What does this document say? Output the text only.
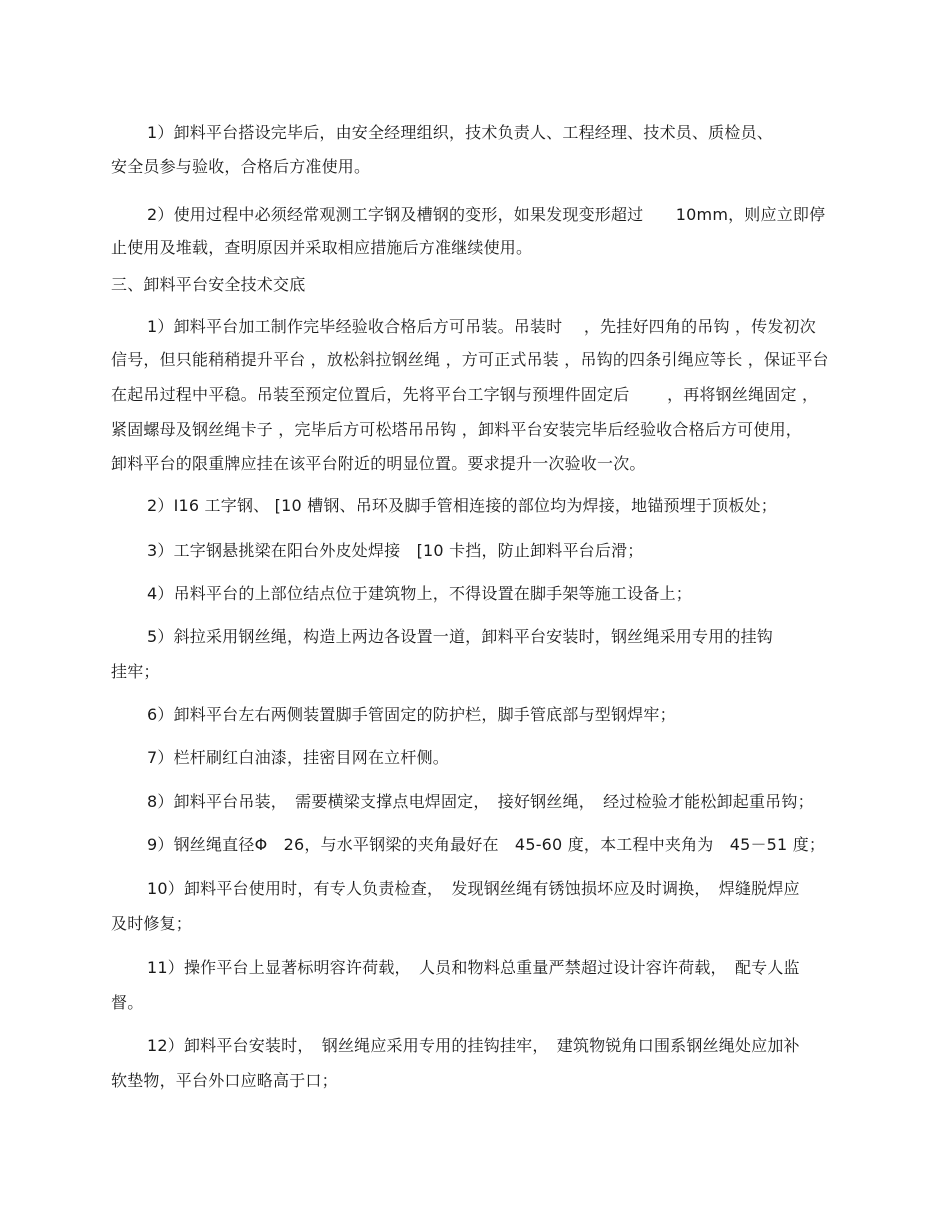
1）卸料平台搭设完毕后，由安全经理组织，技术负责人、工程经理、技术员、质检员、
安全员参与验收，合格后方准使用。
2）使用过程中必须经常观测工字钢及槽钢的变形，如果发现变形超过　　10mm，则应立即停
止使用及堆载，查明原因并采取相应措施后方准继续使用。
三、卸料平台安全技术交底
1）卸料平台加工制作完毕经验收合格后方可吊装。吊装时　 ，先挂好四角的吊钩 ，传发初次
信号，但只能稍稍提升平台 ，放松斜拉钢丝绳 ，方可正式吊装 ，吊钩的四条引绳应等长 ，保证平台
在起吊过程中平稳。吊装至预定位置后，先将平台工字钢与预埋件固定后　　 ，再将钢丝绳固定 ，
紧固螺母及钢丝绳卡子 ，完毕后方可松塔吊吊钩 ，卸料平台安装完毕后经验收合格后方可使用，
卸料平台的限重牌应挂在该平台附近的明显位置。要求提升一次验收一次。
2）I16 工字钢、 [10 槽钢、吊环及脚手管相连接的部位均为焊接，地锚预埋于顶板处；
3）工字钢悬挑梁在阳台外皮处焊接　[10 卡挡，防止卸料平台后滑；
4）吊料平台的上部位结点位于建筑物上，不得设置在脚手架等施工设备上；
5）斜拉采用钢丝绳，构造上两边各设置一道，卸料平台安装时，钢丝绳采用专用的挂钩
挂牢；
6）卸料平台左右两侧装置脚手管固定的防护栏，脚手管底部与型钢焊牢；
7）栏杆刷红白油漆，挂密目网在立杆侧。
8）卸料平台吊装，　需要横梁支撑点电焊固定，　接好钢丝绳，　经过检验才能松卸起重吊钩；
9）钢丝绳直径Φ　26，与水平钢梁的夹角最好在　45-60 度，本工程中夹角为　45－51 度；
10）卸料平台使用时，有专人负责检查，　发现钢丝绳有锈蚀损坏应及时调换，　焊缝脱焊应
及时修复；
11）操作平台上显著标明容许荷载，　人员和物料总重量严禁超过设计容许荷载，　配专人监
督。
12）卸料平台安装时，　钢丝绳应采用专用的挂钩挂牢，　建筑物锐角口围系钢丝绳处应加补
软垫物，平台外口应略高于口；
